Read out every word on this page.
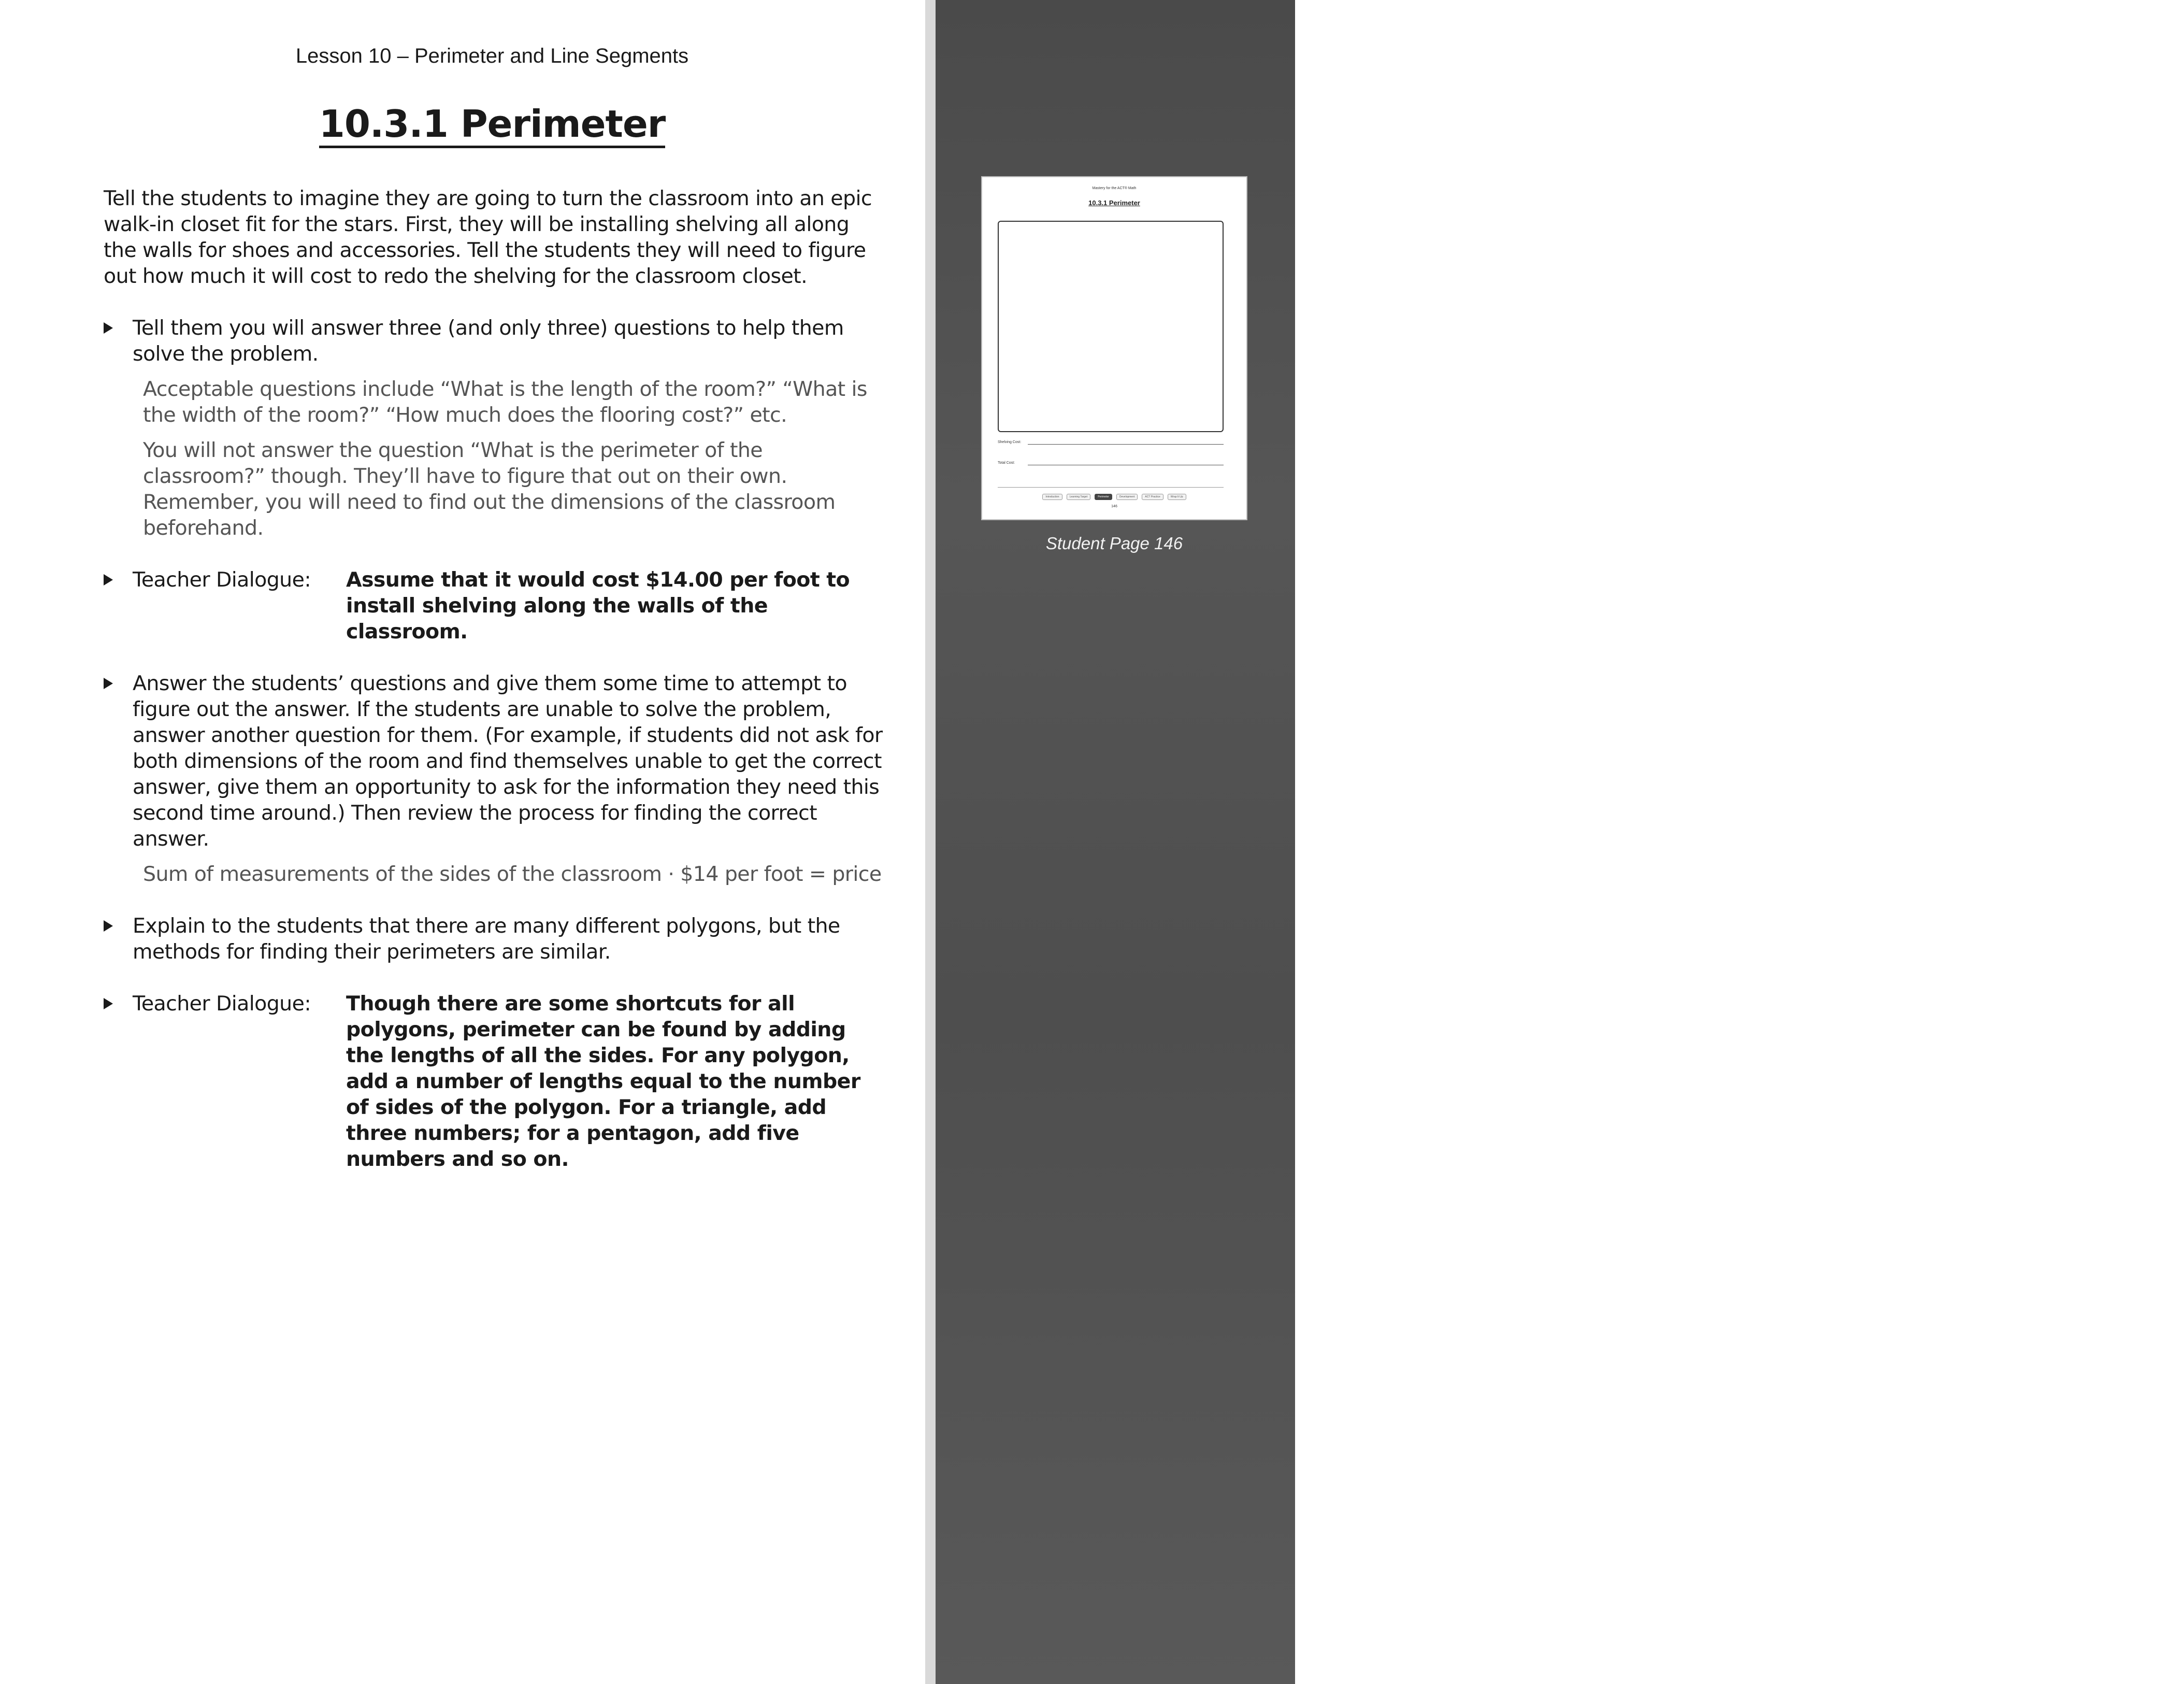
Lesson 10 – Perimeter and Line Segments
10.3.1 Perimeter

Tell the students to imagine they are going to turn the classroom into an epic walk-in closet fit for the stars. First, they will be installing shelving all along the walls for shoes and accessories. Tell the students they will need to figure out how much it will cost to redo the shelving for the classroom closet.

Tell them you will answer three (and only three) questions to help them solve the problem.

Acceptable questions include “What is the length of the room?” “What is the width of the room?” “How much does the flooring cost?” etc.

You will not answer the question “What is the perimeter of the classroom?” though. They’ll have to figure that out on their own. Remember, you will need to find out the dimensions of the classroom beforehand.

Teacher Dialogue:	Assume that it would cost $14.00 per foot to install shelving along the walls of the classroom.

Answer the students’ questions and give them some time to attempt to figure out the answer. If the students are unable to solve the problem, answer another question for them. (For example, if students did not ask for both dimensions of the room and find themselves unable to get the correct answer, give them an opportunity to ask for the information they need this second time around.) Then review the process for finding the correct answer.

Sum of measurements of the sides of the classroom · $14 per foot = price

Explain to the students that there are many different polygons, but the methods for finding their perimeters are similar.

Teacher Dialogue:	Though there are some shortcuts for all polygons, perimeter can be found by adding the lengths of all the sides. For any polygon, add a number of lengths equal to the number of sides of the polygon. For a triangle, add three numbers; for a pentagon, add five numbers and so on.
Mastery for the ACT® Math
10.3.1 Perimeter
Shelving Cost:
Total Cost:
Introduction	Learning Target	Perimeter	Development	ACT Practice	Wrap It Up
146
Student Page 146
279
